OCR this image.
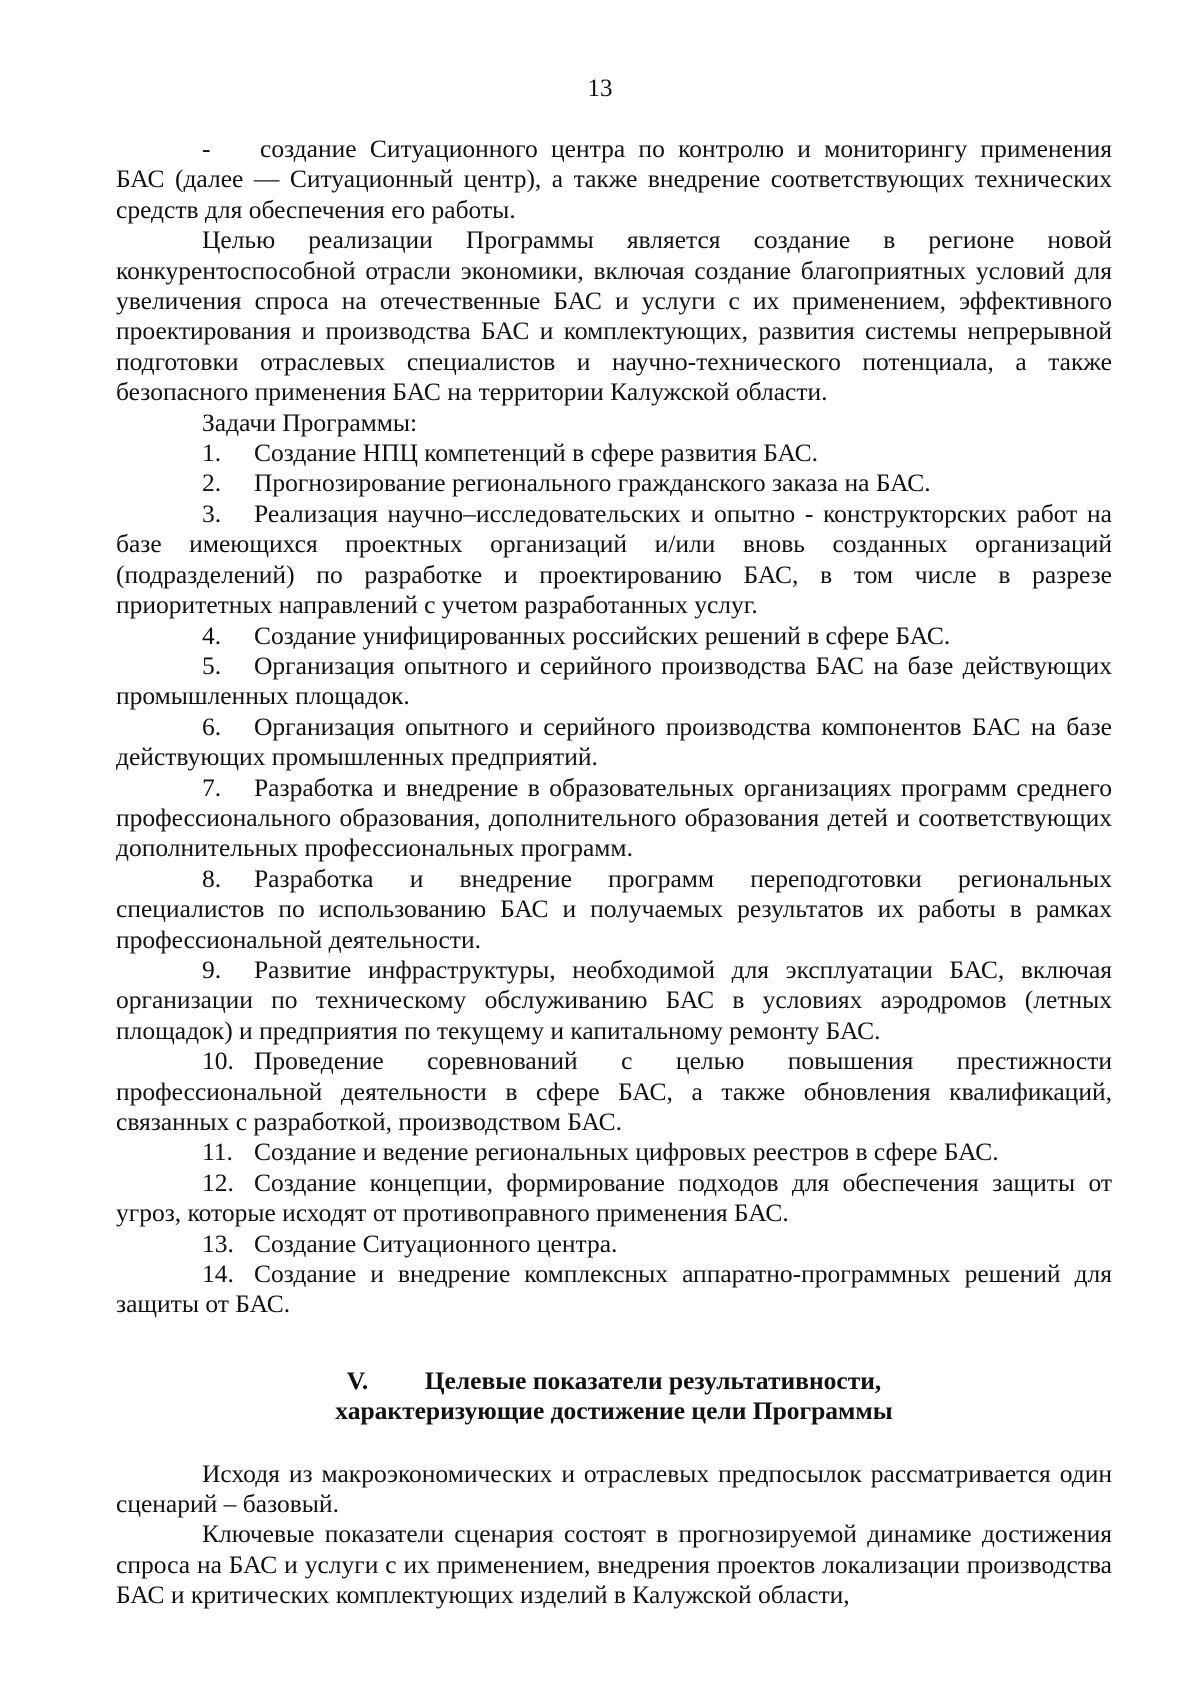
13

- создание Ситуационного центра по контролю и мониторингу применения БАС (далее — Ситуационный центр), а также внедрение соответствующих технических средств для обеспечения его работы.

Целью реализации Программы является создание в регионе новой конкурентоспособной отрасли экономики, включая создание благоприятных условий для увеличения спроса на отечественные БАС и услуги с их применением, эффективного проектирования и производства БАС и комплектующих, развития системы непрерывной подготовки отраслевых специалистов и научно-технического потенциала, а также безопасного применения БАС на территории Калужской области.

Задачи Программы:

1. Создание НПЦ компетенций в сфере развития БАС.

2. Прогнозирование регионального гражданского заказа на БАС.

3. Реализация научно–исследовательских и опытно - конструкторских работ на базе имеющихся проектных организаций и/или вновь созданных организаций (подразделений) по разработке и проектированию БАС, в том числе в разрезе приоритетных направлений с учетом разработанных услуг.

4. Создание унифицированных российских решений в сфере БАС.

5. Организация опытного и серийного производства БАС на базе действующих промышленных площадок.

6. Организация опытного и серийного производства компонентов БАС на базе действующих промышленных предприятий.

7. Разработка и внедрение в образовательных организациях программ среднего профессионального образования, дополнительного образования детей и соответствующих дополнительных профессиональных программ.

8. Разработка и внедрение программ переподготовки региональных специалистов по использованию БАС и получаемых результатов их работы в рамках профессиональной деятельности.

9. Развитие инфраструктуры, необходимой для эксплуатации БАС, включая организации по техническому обслуживанию БАС в условиях аэродромов (летных площадок) и предприятия по текущему и капитальному ремонту БАС.

10. Проведение соревнований с целью повышения престижности профессиональной деятельности в сфере БАС, а также обновления квалификаций, связанных с разработкой, производством БАС.

11. Создание и ведение региональных цифровых реестров в сфере БАС.

12. Создание концепции, формирование подходов для обеспечения защиты от угроз, которые исходят от противоправного применения БАС.

13. Создание Ситуационного центра.

14. Создание и внедрение комплексных аппаратно-программных решений для защиты от БАС.

V. Целевые показатели результативности,
характеризующие достижение цели Программы

Исходя из макроэкономических и отраслевых предпосылок рассматривается один сценарий – базовый.

Ключевые показатели сценария состоят в прогнозируемой динамике достижения спроса на БАС и услуги с их применением, внедрения проектов локализации производства БАС и критических комплектующих изделий в Калужской области,
